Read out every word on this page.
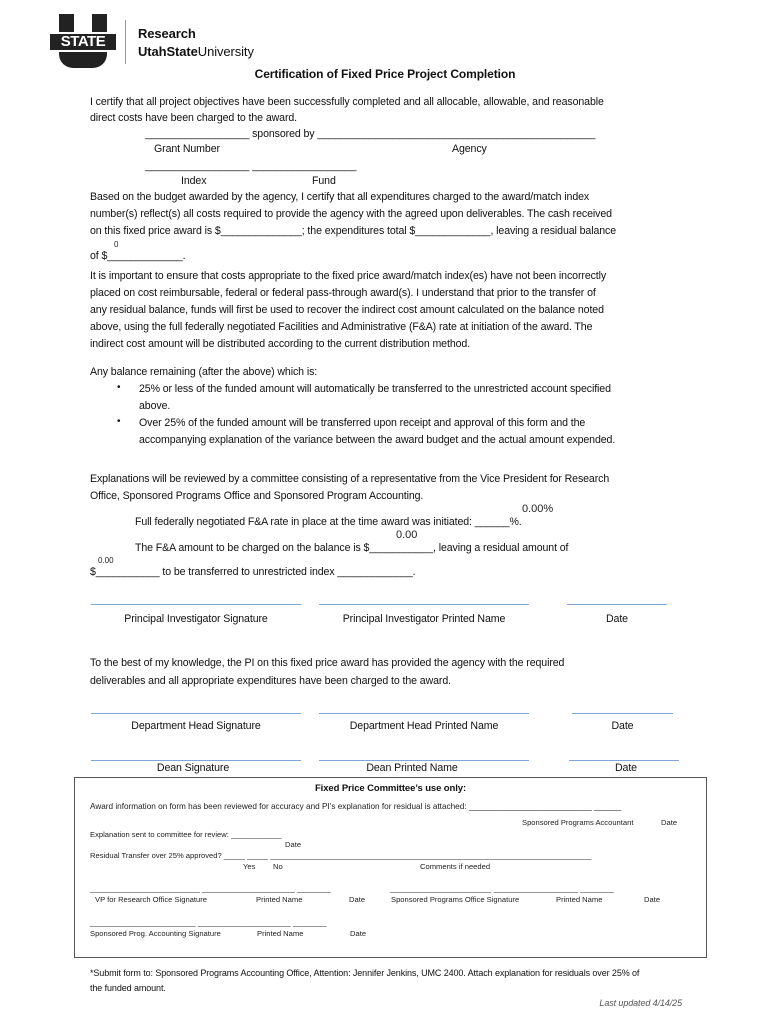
STATE	Research
UtahStateUniversity
Certification of Fixed Price Project Completion
I certify that all project objectives have been successfully completed and all allocable, allowable, and reasonable
direct costs have been charged to the award.
__________________ sponsored by ________________________________________________
Grant Number	Agency
__________________ __________________
Index	Fund
Based on the budget awarded by the agency, I certify that all expenditures charged to the award/match index
number(s) reflect(s) all costs required to provide the agency with the agreed upon deliverables. The cash received
on this fixed price award is $______________; the expenditures total $_____________, leaving a residual balance
0
of $_____________.
It is important to ensure that costs appropriate to the fixed price award/match index(es) have not been incorrectly
placed on cost reimbursable, federal or federal pass-through award(s). I understand that prior to the transfer of
any residual balance, funds will first be used to recover the indirect cost amount calculated on the balance noted
above, using the full federally negotiated Facilities and Administrative (F&A) rate at initiation of the award. The
indirect cost amount will be distributed according to the current distribution method.
Any balance remaining (after the above) which is:
• 25% or less of the funded amount will automatically be transferred to the unrestricted account specified
above.
• Over 25% of the funded amount will be transferred upon receipt and approval of this form and the
accompanying explanation of the variance between the award budget and the actual amount expended.
Explanations will be reviewed by a committee consisting of a representative from the Vice President for Research
Office, Sponsored Programs Office and Sponsored Program Accounting.
0.00%
Full federally negotiated F&A rate in place at the time award was initiated: ______%.
0.00
The F&A amount to be charged on the balance is $___________, leaving a residual amount of
0.00
$___________ to be transferred to unrestricted index _____________.
Principal Investigator Signature	Principal Investigator Printed Name	Date
To the best of my knowledge, the PI on this fixed price award has provided the agency with the required
deliverables and all appropriate expenditures have been charged to the award.
Department Head Signature	Department Head Printed Name	Date
Dean Signature	Dean Printed Name	Date
Fixed Price Committee’s use only:
Award information on form has been reviewed for accuracy and PI’s explanation for residual is attached: ___________________________ ______
Sponsored Programs Accountant	Date
Explanation sent to committee for review: ____________
Date
Residual Transfer over 25% approved? _____ _____ ____________________________________________________________________________
Yes No	Comments if needed
__________________________ ______________________ ________	________________________ ____________________ ________
VP for Research Office Signature	Printed Name	Date	Sponsored Programs Office Signature	Printed Name	Date
_________________________ ______________________ ________
Sponsored Prog. Accounting Signature	Printed Name	Date
*Submit form to: Sponsored Programs Accounting Office, Attention: Jennifer Jenkins, UMC 2400. Attach explanation for residuals over 25% of
the funded amount.
Last updated 4/14/25
